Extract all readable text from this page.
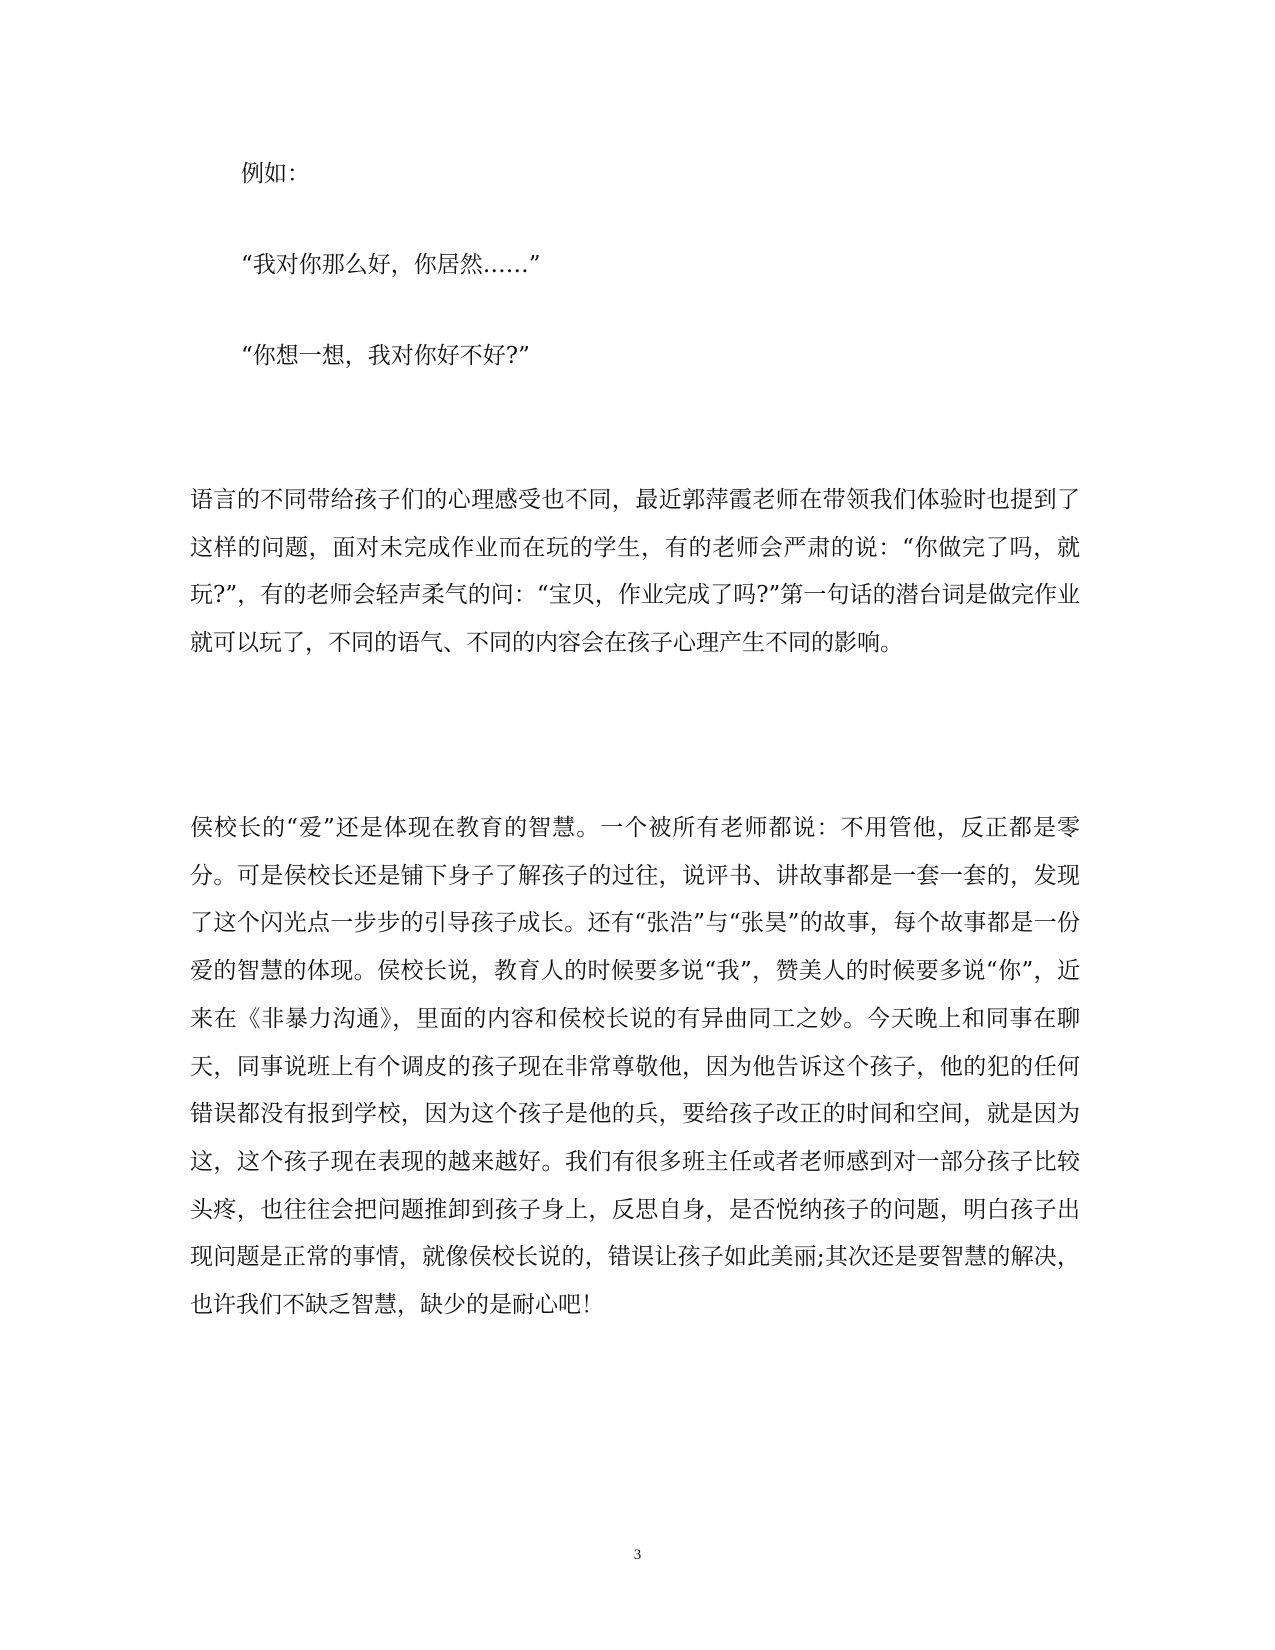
例如：

“我对你那么好，你居然……”

“你想一想，我对你好不好?”

语言的不同带给孩子们的心理感受也不同，最近郭萍霞老师在带领我们体验时也提到了这样的问题，面对未完成作业而在玩的学生，有的老师会严肃的说：“你做完了吗，就玩?”，有的老师会轻声柔气的问：“宝贝，作业完成了吗?”第一句话的潜台词是做完作业就可以玩了，不同的语气、不同的内容会在孩子心理产生不同的影响。

侯校长的“爱”还是体现在教育的智慧。一个被所有老师都说：不用管他，反正都是零分。可是侯校长还是铺下身子了解孩子的过往，说评书、讲故事都是一套一套的，发现了这个闪光点一步步的引导孩子成长。还有“张浩”与“张昊”的故事，每个故事都是一份爱的智慧的体现。侯校长说，教育人的时候要多说“我”，赞美人的时候要多说“你”，近来在《非暴力沟通》，里面的内容和侯校长说的有异曲同工之妙。今天晚上和同事在聊天，同事说班上有个调皮的孩子现在非常尊敬他，因为他告诉这个孩子，他的犯的任何错误都没有报到学校，因为这个孩子是他的兵，要给孩子改正的时间和空间，就是因为这，这个孩子现在表现的越来越好。我们有很多班主任或者老师感到对一部分孩子比较头疼，也往往会把问题推卸到孩子身上，反思自身，是否悦纳孩子的问题，明白孩子出现问题是正常的事情，就像侯校长说的，错误让孩子如此美丽;其次还是要智慧的解决，也许我们不缺乏智慧，缺少的是耐心吧！

3
